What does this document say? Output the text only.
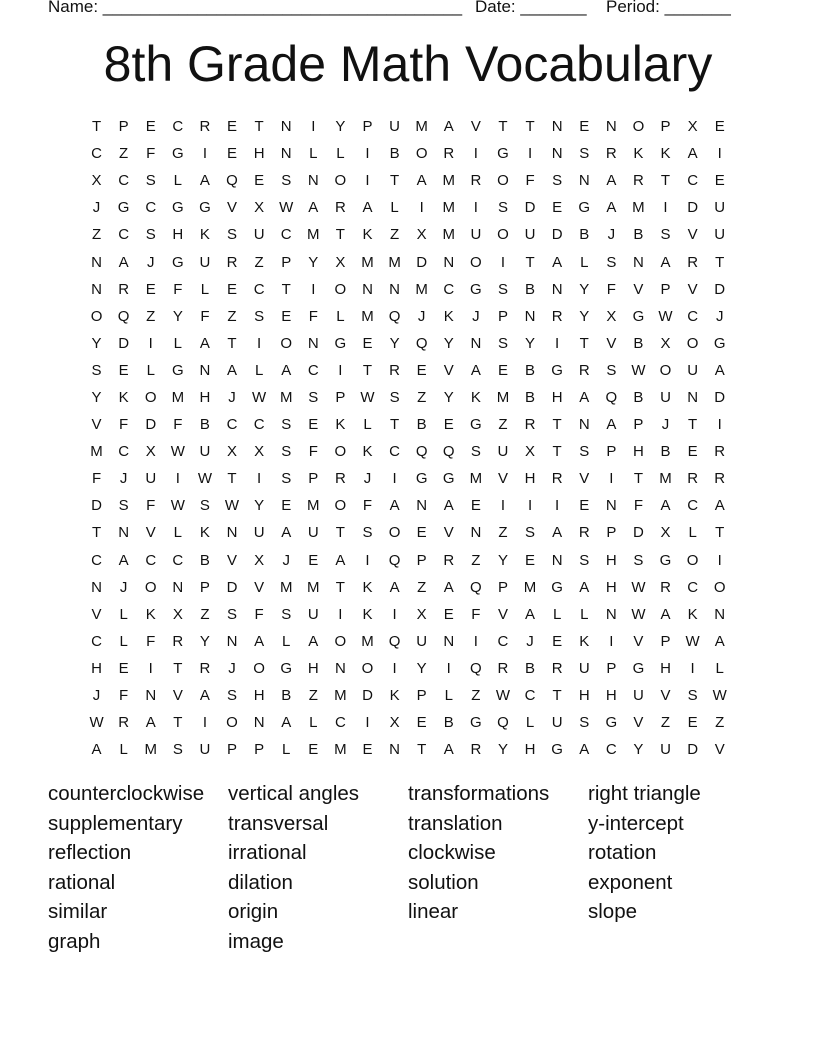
Name: ______________________________________ Date: _______ Period: _______
8th Grade Math Vocabulary
T	P	E	C	R	E	T	N	I	Y	P	U	M	A	V	T	T	N	E	N	O	P	X	E
C	Z	F	G	I	E	H	N	L	L	I	B	O	R	I	G	I	N	S	R	K	K	A	I
X	C	S	L	A	Q	E	S	N	O	I	T	A	M	R	O	F	S	N	A	R	T	C	E
J	G	C	G	G	V	X	W	A	R	A	L	I	M	I	S	D	E	G	A	M	I	D	U
Z	C	S	H	K	S	U	C	M	T	K	Z	X	M	U	O	U	D	B	J	B	S	V	U
N	A	J	G	U	R	Z	P	Y	X	M M	D	N	O	I	T	A	L	S	N	A	R	T
N	R	E	F	L	E	C	T	I	O	N	N	M	C	G	S	B	N	Y	F	V	P	V	D
O	Q	Z	Y	F	Z	S	E	F	L	M	Q	J	K	J	P	N	R	Y	X	G W C	J
Y	D	I	L	A	T	I	O	N	G	E	Y	Q	Y	N	S	Y	I	T	V	B	X	O	G
S	E	L	G	N	A	L	A	C	I	T	R	E	V	A	E	B	G	R	S	W O	U	A
Y	K	O	M	H	J	W M	S	P	W	S	Z	Y	K	M	B	H	A	Q	B	U	N	D
V	F	D	F	B	C	C	S	E	K	L	T	B	E	G	Z	R	T	N	A	P	J	T	I
M	C	X	W U	X	X	S	F	O	K	C	Q	Q	S	U	X	T	S	P	H	B	E	R
F	J	U	I	W	T	I	S	P	R	J	I	G	G	M	V	H	R	V	I	T	M	R	R
D	S	F	W	S	W	Y	E	M	O	F	A	N	A	E	I	I	I	E	N	F	A	C	A
T	N	V	L	K	N	U	A	U	T	S	O	E	V	N	Z	S	A	R	P	D	X	L	T
C	A	C	C	B	V	X	J	E	A	I	Q	P	R	Z	Y	E	N	S	H	S	G	O	I
N	J	O	N	P	D	V	M M	T	K	A	Z	A	Q	P	M	G	A	H W R	C	O
V	L	K	X	Z	S	F	S	U	I	K	I	X	E	F	V	A	L	L	N W	A	K	N
C	L	F	R	Y	N	A	L	A	O	M	Q	U	N	I	C	J	E	K	I	V	P	W	A
H	E	I	T	R	J	O	G	H	N	O	I	Y	I	Q	R	B	R	U	P	G	H	I	L
J	F	N	V	A	S	H	B	Z	M	D	K	P	L	Z	W C	T	H	H	U	V	S	W
W R	A	T	I	O	N	A	L	C	I	X	E	B	G	Q	L	U	S	G	V	Z	E	Z
A	L	M	S	U	P	P	L	E	M	E	N	T	A	R	Y	H	G	A	C	Y	U	D	V
counterclockwise	vertical angles	transformations	right triangle
supplementary	transversal	translation	y-intercept
reflection	irrational	clockwise	rotation
rational	dilation	solution	exponent
similar	origin	linear	slope
graph	image
